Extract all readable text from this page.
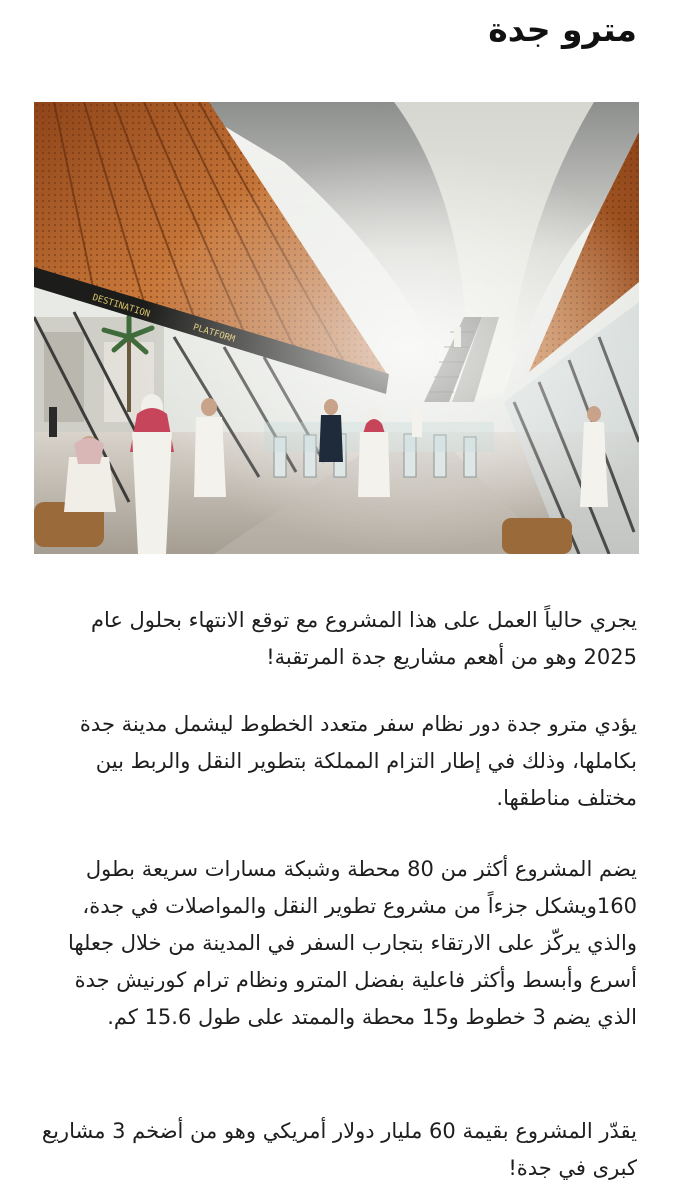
مترو جدة

يجري حالياً العمل على هذا المشروع مع توقع الانتهاء بحلول عام 2025 وهو من أهعم مشاريع جدة المرتقبة!

يؤدي مترو جدة دور نظام سفر متعدد الخطوط ليشمل مدينة جدة بكاملها، وذلك في إطار التزام المملكة بتطوير النقل والربط بين مختلف مناطقها.

يضم المشروع أكثر من 80 محطة وشبكة مسارات سريعة بطول 160ويشكل جزءاً من مشروع تطوير النقل والمواصلات في جدة، والذي يركّز على الارتقاء بتجارب السفر في المدينة من خلال جعلها أسرع وأبسط وأكثر فاعلية بفضل المترو ونظام ترام كورنيش جدة الذي يضم 3 خطوط و15 محطة والممتد على طول 15.6 كم.

يقدّر المشروع بقيمة 60 مليار دولار أمريكي وهو من أضخم 3 مشاريع كبرى في جدة!
